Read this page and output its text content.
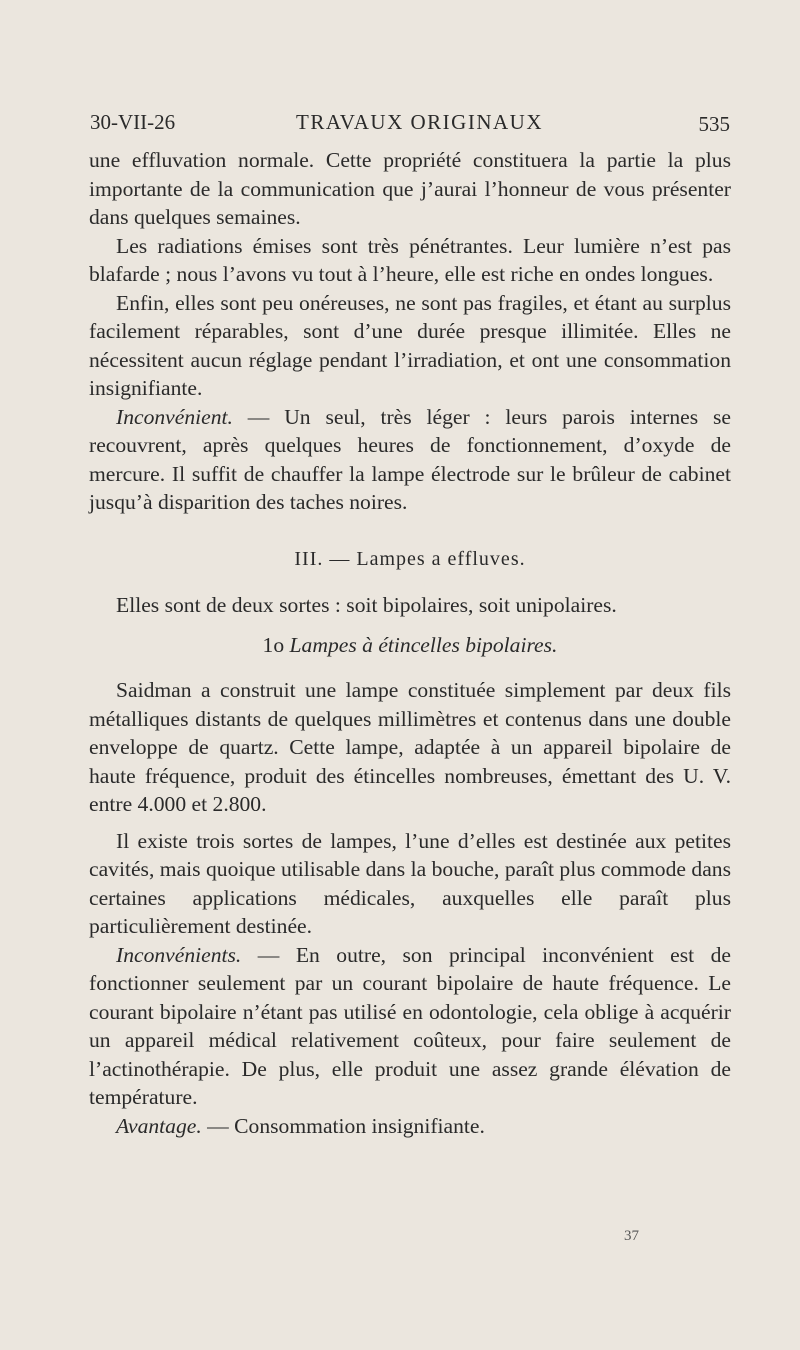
30-VII-26	TRAVAUX ORIGINAUX	535

une effluvation normale. Cette propriété constituera la partie la plus importante de la communication que j’aurai l’honneur de vous présenter dans quelques semaines.

Les radiations émises sont très pénétrantes. Leur lumière n’est pas blafarde ; nous l’avons vu tout à l’heure, elle est riche en ondes longues.

Enfin, elles sont peu onéreuses, ne sont pas fragiles, et étant au surplus facilement réparables, sont d’une durée presque illimitée. Elles ne nécessitent aucun réglage pendant l’irradiation, et ont une consommation insignifiante.

Inconvénient. — Un seul, très léger : leurs parois internes se recouvrent, après quelques heures de fonctionnement, d’oxyde de mercure. Il suffit de chauffer la lampe électrode sur le brûleur de cabinet jusqu’à disparition des taches noires.

III. — Lampes a effluves.

Elles sont de deux sortes : soit bipolaires, soit unipolaires.

1o Lampes à étincelles bipolaires.

Saidman a construit une lampe constituée simplement par deux fils métalliques distants de quelques millimètres et contenus dans une double enveloppe de quartz. Cette lampe, adaptée à un appareil bipolaire de haute fréquence, produit des étincelles nombreuses, émettant des U. V. entre 4.000 et 2.800.

Il existe trois sortes de lampes, l’une d’elles est destinée aux petites cavités, mais quoique utilisable dans la bouche, paraît plus commode dans certaines applications médicales, auxquelles elle paraît plus particulièrement destinée.

Inconvénients. — En outre, son principal inconvénient est de fonctionner seulement par un courant bipolaire de haute fréquence. Le courant bipolaire n’étant pas utilisé en odontologie, cela oblige à acquérir un appareil médical relativement coûteux, pour faire seulement de l’actinothérapie. De plus, elle produit une assez grande élévation de température.

Avantage. — Consommation insignifiante.

37
